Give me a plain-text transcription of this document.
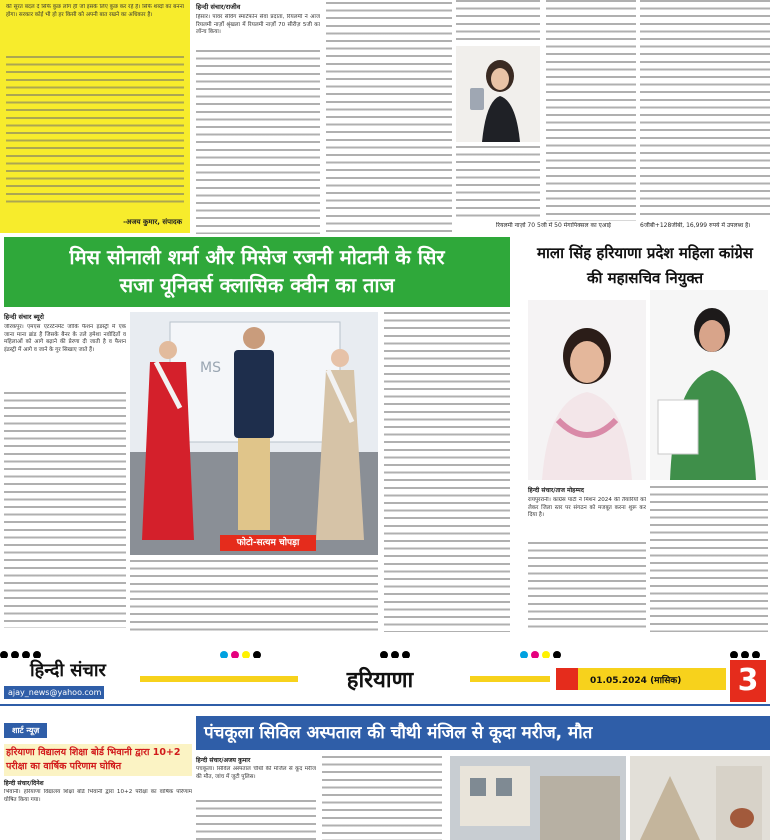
की सूरत बदल दें सिर्फ कुछ लोग ही जो इसके लिए कुछ कर रहे हैं। सिर्फ शब्दों का बनना होगा। सरकार कोई भी हो हर किसी को अपनी बात रखने का अधिकार है।
-अजय कुमार, संपादक
हिन्दी संचार/राजीव
हिसार। पावर सेविंग स्मार्टफोन सेवा प्रदाता, रियलमी ने आज रियलमी नार्ज़ो श्रृंखला में रियलमी नार्ज़ो 70 सीरीज़ 5जी का लॉन्च किया।
रियलमी नार्ज़ो 70 5जी में 50 मेगापिक्सल का एआई	6जीबी+128जीबी, 16,999 रुपये में उपलब्ध है।
मिस सोनाली शर्मा और मिसेज रजनी मोटानी के सिर
सजा यूनिवर्स क्लासिक क्वीन का ताज
हिन्दी संचार ब्यूरो
जीरकपुर। एमएस एंटरटेनमेंट जोकि फैशन इंडस्ट्री में एक जाना माना ब्रांड है जिसके बैनर के तले हमेशा नवोदितों व महिलाओं को आगे बढ़ाने की प्रेरणा दी जाती है व फैशन इंडस्ट्री में आगे व जाने के गुर सिखाए जाते हैं।
MS
फोटो-सत्यम चोपड़ा
माला सिंह हरियाणा प्रदेश महिला कांग्रेस की महासचिव नियुक्त
हिन्दी संचार/ताज मोहम्मद
रायपुररानी। कांग्रेस पार्टी ने मिशन 2024 की तैयारियों को लेकर जिला स्तर पर संगठन को मजबूत करना शुरू कर दिया है।
हिन्दी संचार
ajay_news@yahoo.com	हरियाणा	01.05.2024 (मासिक) 3
शार्ट न्यूज़
हरियाणा विद्यालय शिक्षा बोर्ड भिवानी द्वारा 10+2 परीक्षा का वार्षिक परिणाम घोषित
हिन्दी संचार/दिनेश
भिवानी। हरियाणा विद्यालय शिक्षा बोर्ड भिवानी द्वारा 10+2 परीक्षा का वार्षिक परिणाम घोषित किया गया।
पंचकूला सिविल अस्पताल की चौथी मंजिल से कूदा मरीज, मौत
हिन्दी संचार/अजय कुमार
पंचकूला। सिविल अस्पताल चौथी की मंजिल से कूद मरीज की मौत, जांच में जुटी पुलिस।
